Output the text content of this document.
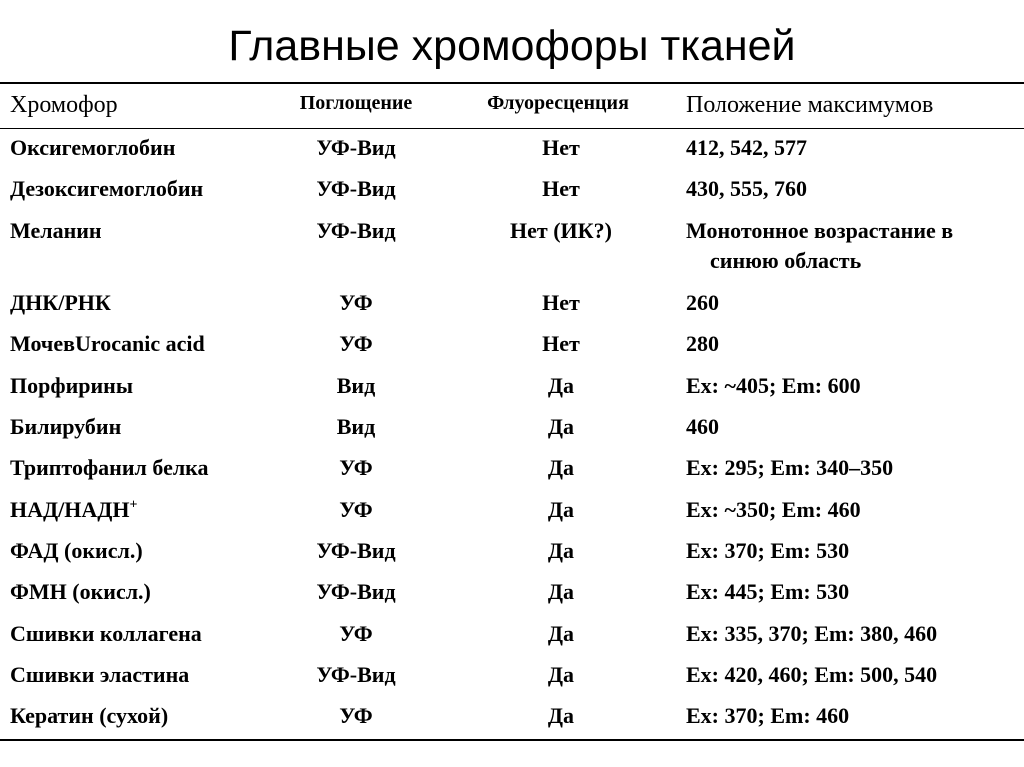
Главные хромофоры тканей
Хромофор	Поглощение	Флуоресценция	Положение максимумов
Оксигемоглобин	УФ-Вид	Нет	412, 542, 577
Дезоксигемоглобин	УФ-Вид	Нет	430, 555, 760
Меланин	УФ-Вид	Нет (ИК?)	Монотонное возрастание в
синюю область
ДНК/РНК	УФ	Нет	260
МочевUrocanic acid	УФ	Нет	280
Порфирины	Вид	Да	Ex: ~405; Em: 600
Билирубин	Вид	Да	460
Триптофанил белка	УФ	Да	Ex: 295; Em: 340–350
НАД/НАДН+	УФ	Да	Ex: ~350; Em: 460
ФАД (окисл.)	УФ-Вид	Да	Ex: 370; Em: 530
ФМН (окисл.)	УФ-Вид	Да	Ex: 445; Em: 530
Сшивки коллагена	УФ	Да	Ex: 335, 370; Em: 380, 460
Сшивки эластина	УФ-Вид	Да	Ex: 420, 460; Em: 500, 540
Кератин (сухой)	УФ	Да	Ex: 370; Em: 460
